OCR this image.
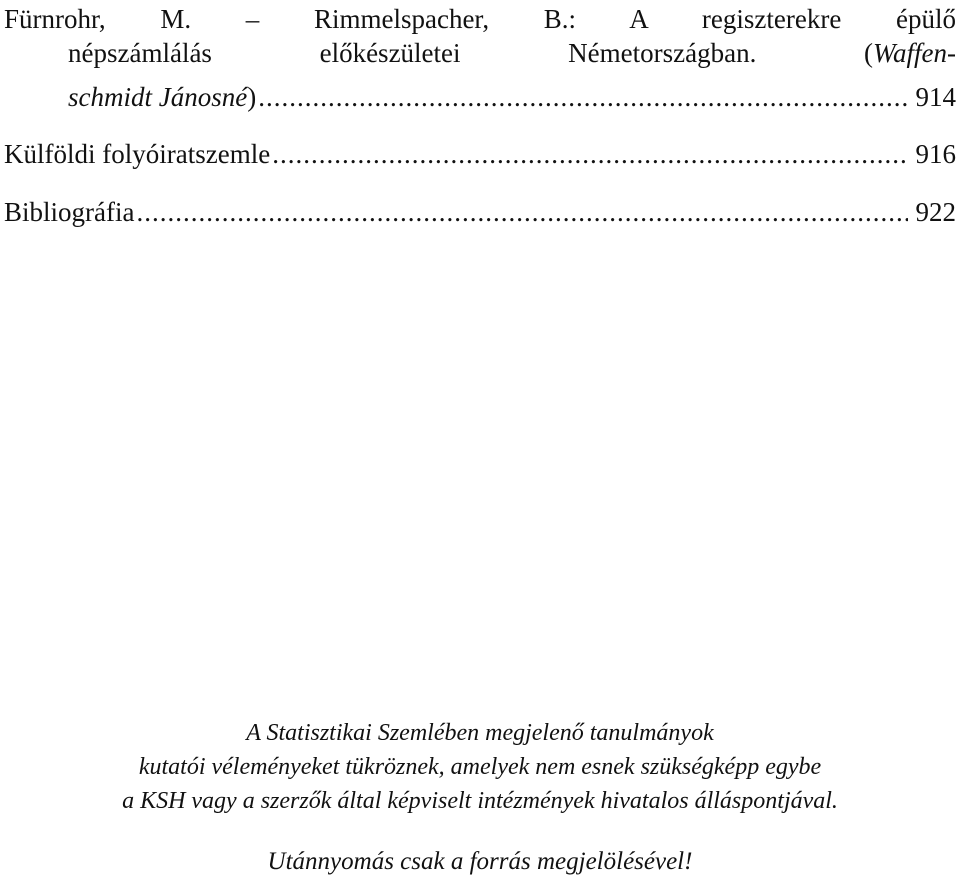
Fürnrohr, M. – Rimmelspacher, B.: A regiszterekre épülő
népszámlálás előkészületei Németországban. (Waffen-
schmidt Jánosné) .....	914
Külföldi folyóiratszemle .....	916
Bibliográfia .....	922
A Statisztikai Szemlében megjelenő tanulmányok
kutatói véleményeket tükröznek, amelyek nem esnek szükségképp egybe
a KSH vagy a szerzők által képviselt intézmények hivatalos álláspontjával.
Utánnyomás csak a forrás megjelölésével!
